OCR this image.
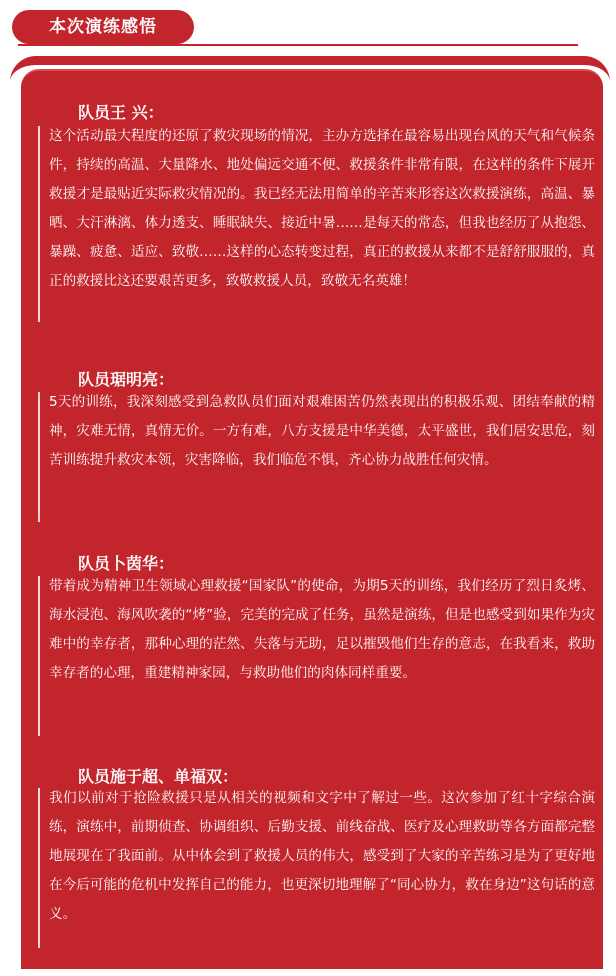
本次演练感悟
队员王 兴：
这个活动最大程度的还原了救灾现场的情况，主办方选择在最容易出现台风的天气和气候条件，持续的高温、大量降水、地处偏远交通不便、救援条件非常有限，在这样的条件下展开救援才是最贴近实际救灾情况的。我已经无法用简单的辛苦来形容这次救援演练，高温、暴晒、大汗淋漓、体力透支、睡眠缺失、接近中暑……是每天的常态，但我也经历了从抱怨、暴躁、疲惫、适应、致敬……这样的心态转变过程，真正的救援从来都不是舒舒服服的，真正的救援比这还要艰苦更多，致敬救援人员，致敬无名英雄！
队员琚明亮：
5天的训练，我深刻感受到急救队员们面对艰难困苦仍然表现出的积极乐观、团结奉献的精神，灾难无情，真情无价。一方有难，八方支援是中华美德，太平盛世，我们居安思危，刻苦训练提升救灾本领，灾害降临，我们临危不惧，齐心协力战胜任何灾情。
队员卜茵华：
带着成为精神卫生领域心理救援“国家队”的使命，为期5天的训练，我们经历了烈日炙烤、海水浸泡、海风吹袭的“烤”验，完美的完成了任务，虽然是演练，但是也感受到如果作为灾难中的幸存者，那种心理的茫然、失落与无助，足以摧毁他们生存的意志，在我看来，救助幸存者的心理，重建精神家园，与救助他们的肉体同样重要。
队员施于超、单福双：
我们以前对于抢险救援只是从相关的视频和文字中了解过一些。这次参加了红十字综合演练，演练中，前期侦查、协调组织、后勤支援、前线奋战、医疗及心理救助等各方面都完整地展现在了我面前。从中体会到了救援人员的伟大，感受到了大家的辛苦练习是为了更好地在今后可能的危机中发挥自己的能力，也更深切地理解了“同心协力，救在身边”这句话的意义。
